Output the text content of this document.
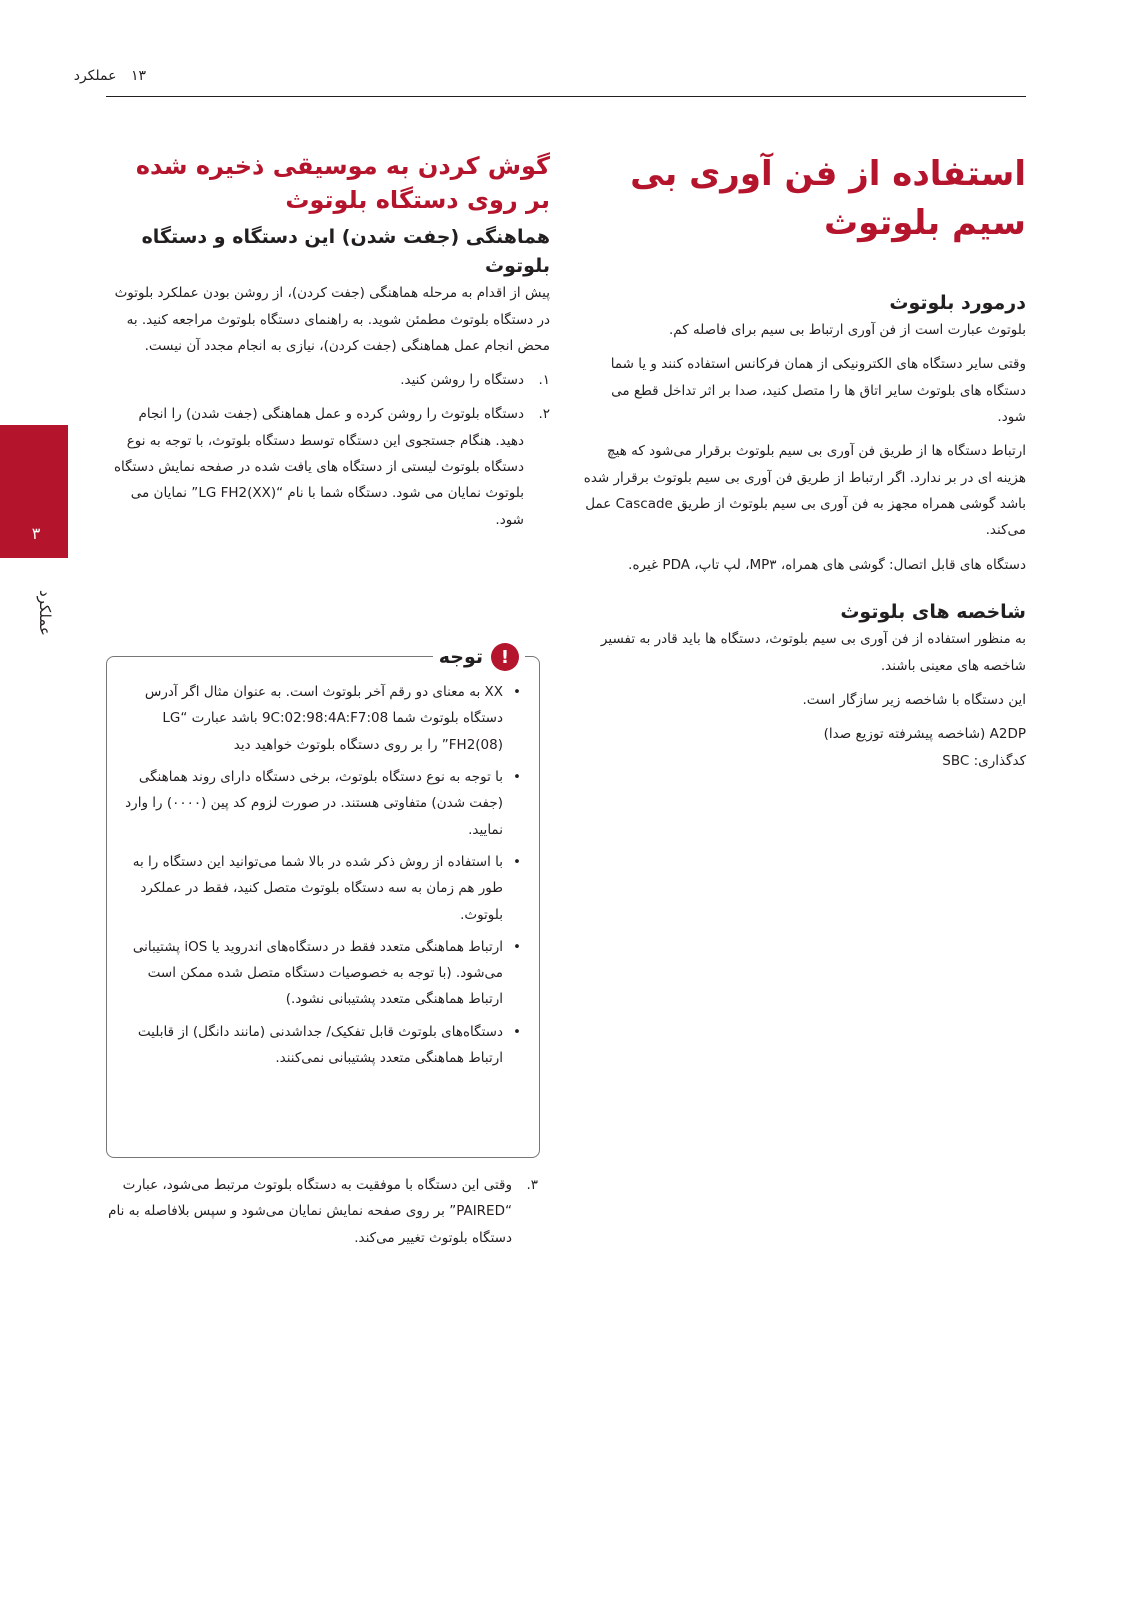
۱۳ عملکرد
۳
عملکرد
استفاده از فن آوری بی سیم بلوتوث
درمورد بلوتوث

بلوتوث عبارت است از فن آوری ارتباط بی سیم برای فاصله کم.

وقتی سایر دستگاه های الکترونیکی از همان فرکانس استفاده کنند و یا شما دستگاه های بلوتوث سایر اتاق ها را متصل کنید، صدا بر اثر تداخل قطع می شود.

ارتباط دستگاه ها از طریق فن آوری بی سیم بلوتوث برقرار می‌شود که هیچ هزینه ای در بر ندارد. اگر ارتباط از طریق فن آوری بی سیم بلوتوث برقرار شده باشد گوشی همراه مجهز به فن آوری بی سیم بلوتوث از طریق Cascade عمل می‌کند.

دستگاه های قابل اتصال: گوشی های همراه، MP۳، لپ تاپ، PDA غیره.

شاخصه های بلوتوث

به منظور استفاده از فن آوری بی سیم بلوتوث، دستگاه ها باید قادر به تفسیر شاخصه های معینی باشند.

این دستگاه با شاخصه زیر سازگار است.

A2DP (شاخصه پیشرفته توزیع صدا)

کدگذاری: SBC

گوش کردن به موسیقی ذخیره شده بر روی دستگاه بلوتوث
هماهنگی (جفت شدن) این دستگاه و دستگاه بلوتوث

پیش از اقدام به مرحله هماهنگی (جفت کردن)، از روشن بودن عملکرد بلوتوث در دستگاه بلوتوث مطمئن شوید. به راهنمای دستگاه بلوتوث مراجعه کنید. به محض انجام عمل هماهنگی (جفت کردن)، نیازی به انجام مجدد آن نیست.

۱.
دستگاه را روشن کنید.
۲.
دستگاه بلوتوث را روشن کرده و عمل هماهنگی (جفت شدن) را انجام دهید. هنگام جستجوی این دستگاه توسط دستگاه بلوتوث، با توجه به نوع دستگاه بلوتوث لیستی از دستگاه های یافت شده در صفحه نمایش دستگاه بلوتوث نمایان می شود. دستگاه شما با نام “LG FH2(XX)” نمایان می شود.
!
توجه
• XX به معنای دو رقم آخر بلوتوث است. به عنوان مثال اگر آدرس دستگاه بلوتوث شما 9C:02:98:4A:F7:08 باشد عبارت “LG FH2(08)” را بر روی دستگاه بلوتوث خواهید دید
• با توجه به نوع دستگاه بلوتوث، برخی دستگاه دارای روند هماهنگی (جفت شدن) متفاوتی هستند. در صورت لزوم کد پین (۰۰۰۰) را وارد نمایید.
• با استفاده از روش ذکر شده در بالا شما می‌توانید این دستگاه را به طور هم زمان به سه دستگاه بلوتوث متصل کنید، فقط در عملکرد بلوتوث.
• ارتباط هماهنگی متعدد فقط در دستگاه‌های اندروید یا iOS پشتیبانی می‌شود. (با توجه به خصوصیات دستگاه متصل شده ممکن است ارتباط هماهنگی متعدد پشتیبانی نشود.)
• دستگاه‌های بلوتوث قابل تفکیک/ جداشدنی (مانند دانگل) از قابلیت ارتباط هماهنگی متعدد پشتیبانی نمی‌کنند.
۳.
وقتی این دستگاه با موفقیت به دستگاه بلوتوث مرتبط می‌شود، عبارت “PAIRED” بر روی صفحه نمایش نمایان می‌شود و سپس بلافاصله به نام دستگاه بلوتوث تغییر می‌کند.
